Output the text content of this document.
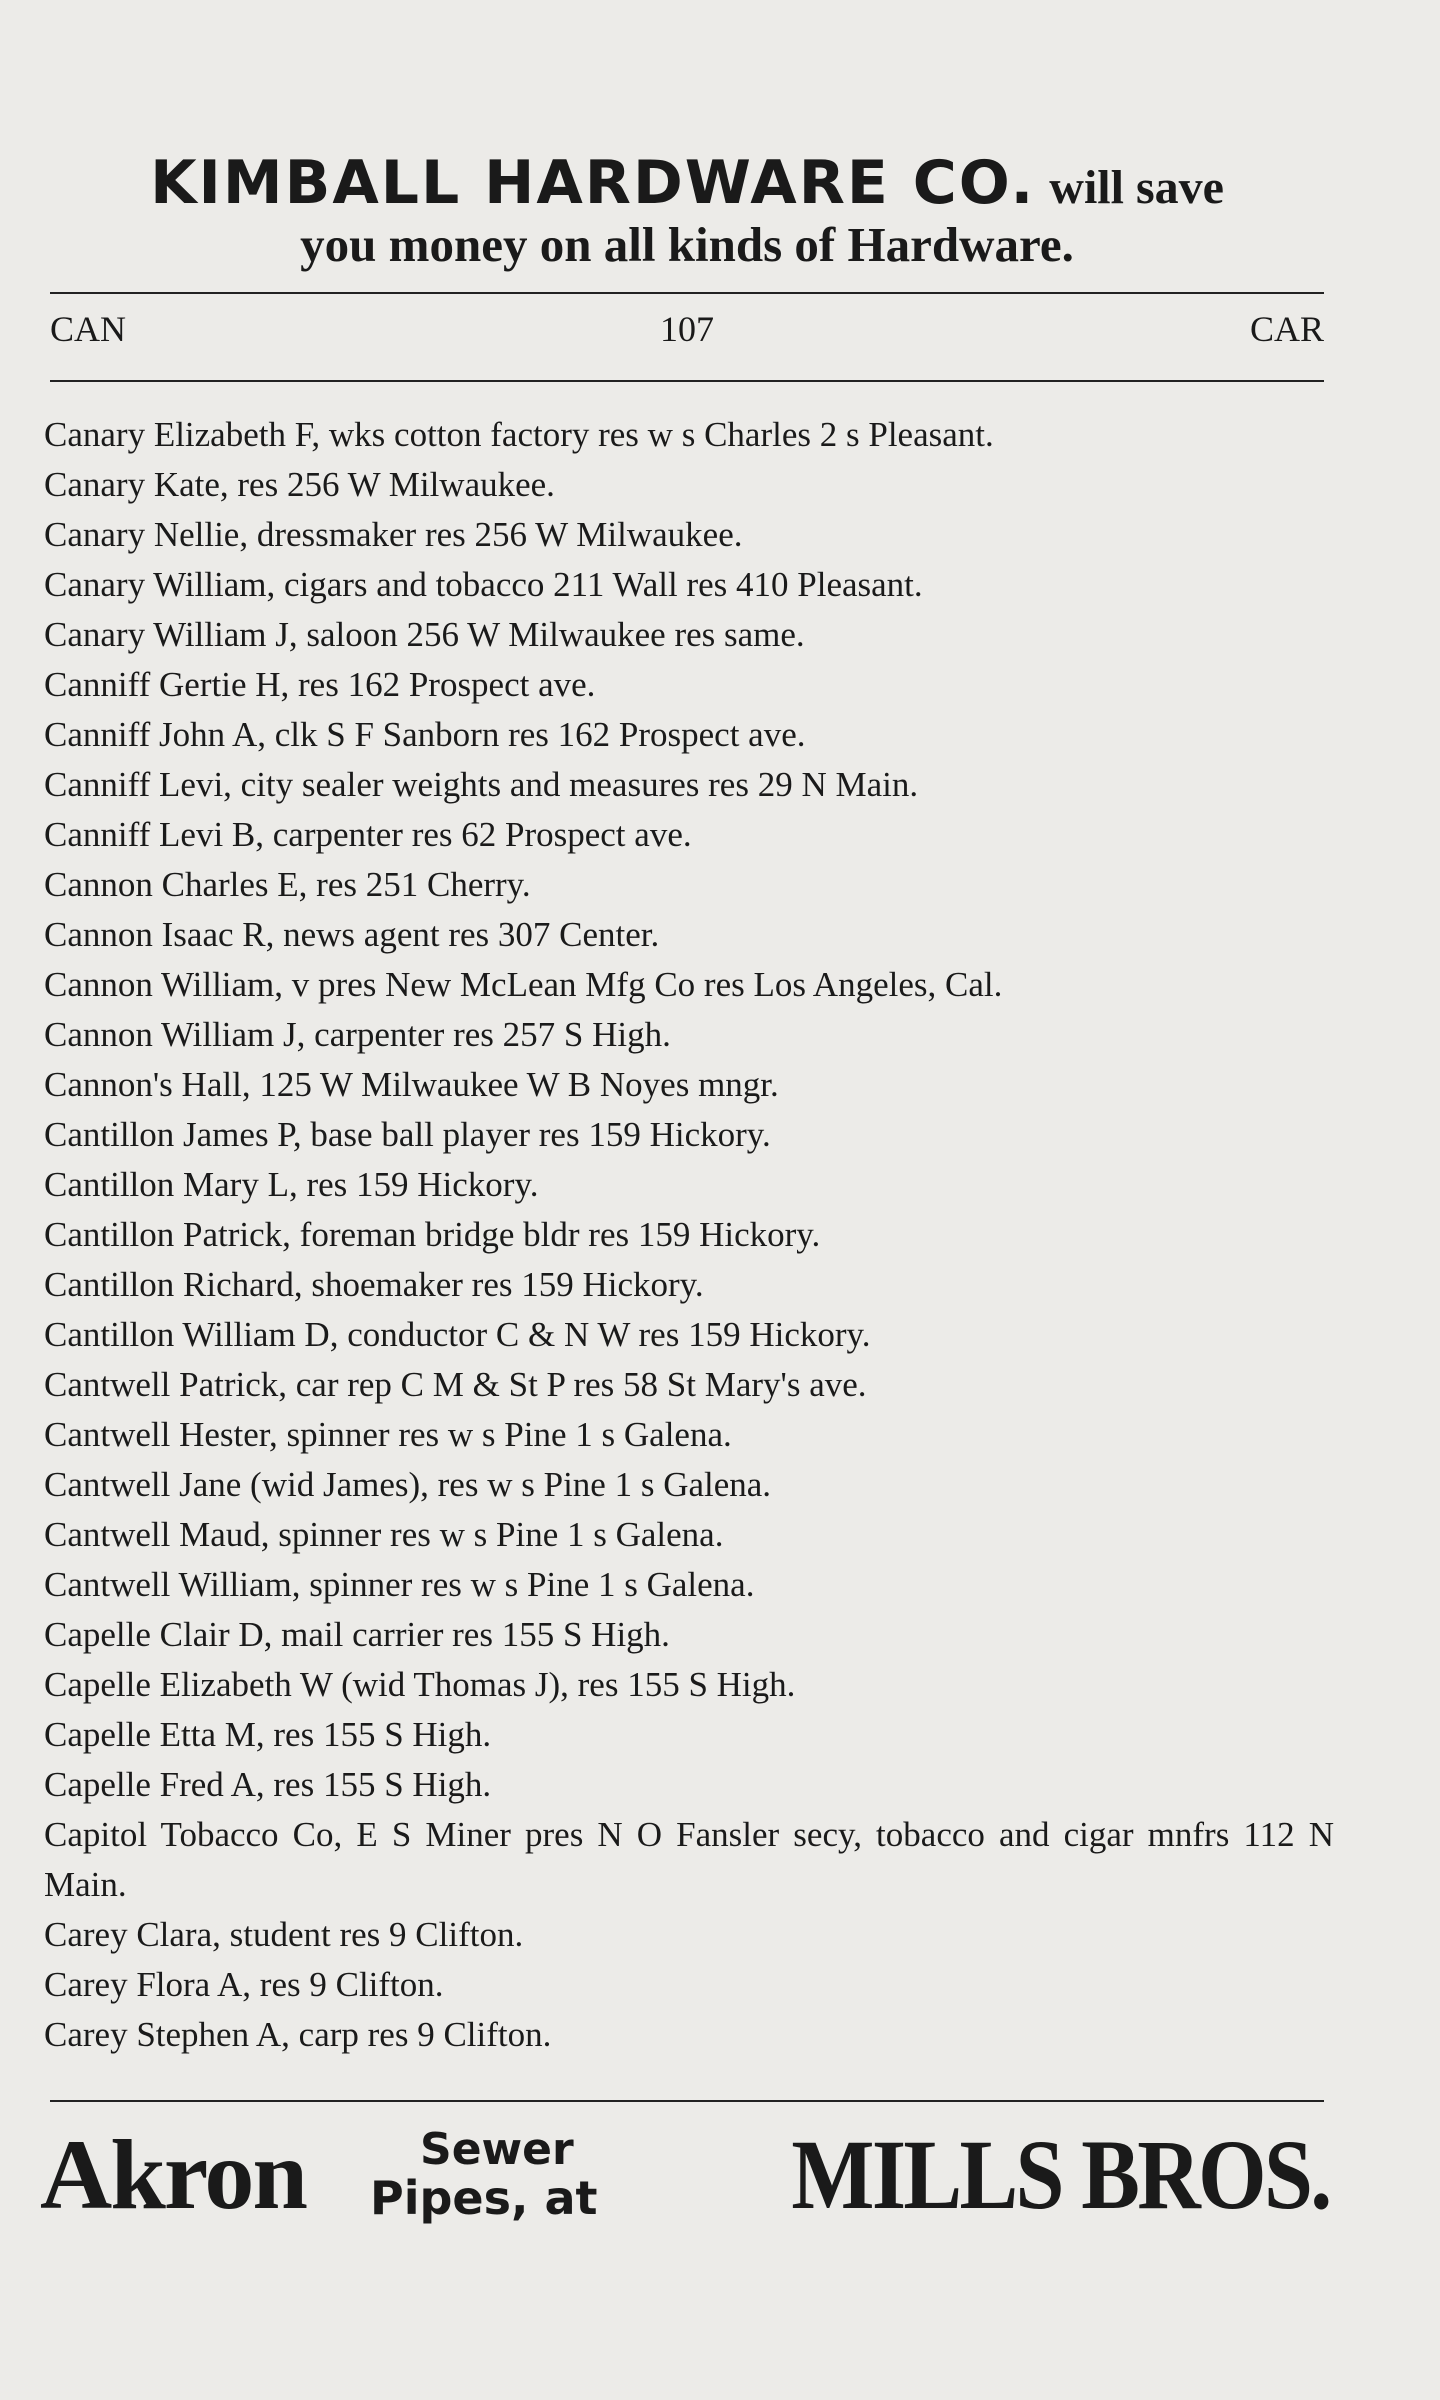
KIMBALL HARDWARE CO. will save
you money on all kinds of Hardware.
CAN	107	CAR
Canary Elizabeth F, wks cotton factory res w s Charles 2 s Pleasant.
Canary Kate, res 256 W Milwaukee.
Canary Nellie, dressmaker res 256 W Milwaukee.
Canary William, cigars and tobacco 211 Wall res 410 Pleasant.
Canary William J, saloon 256 W Milwaukee res same.
Canniff Gertie H, res 162 Prospect ave.
Canniff John A, clk S F Sanborn res 162 Prospect ave.
Canniff Levi, city sealer weights and measures res 29 N Main.
Canniff Levi B, carpenter res 62 Prospect ave.
Cannon Charles E, res 251 Cherry.
Cannon Isaac R, news agent res 307 Center.
Cannon William, v pres New McLean Mfg Co res Los Angeles, Cal.
Cannon William J, carpenter res 257 S High.
Cannon's Hall, 125 W Milwaukee W B Noyes mngr.
Cantillon James P, base ball player res 159 Hickory.
Cantillon Mary L, res 159 Hickory.
Cantillon Patrick, foreman bridge bldr res 159 Hickory.
Cantillon Richard, shoemaker res 159 Hickory.
Cantillon William D, conductor C & N W res 159 Hickory.
Cantwell Patrick, car rep C M & St P res 58 St Mary's ave.
Cantwell Hester, spinner res w s Pine 1 s Galena.
Cantwell Jane (wid James), res w s Pine 1 s Galena.
Cantwell Maud, spinner res w s Pine 1 s Galena.
Cantwell William, spinner res w s Pine 1 s Galena.
Capelle Clair D, mail carrier res 155 S High.
Capelle Elizabeth W (wid Thomas J), res 155 S High.
Capelle Etta M, res 155 S High.
Capelle Fred A, res 155 S High.
Capitol Tobacco Co, E S Miner pres N O Fansler secy, tobacco and cigar mnfrs 112 N Main.
Carey Clara, student res 9 Clifton.
Carey Flora A, res 9 Clifton.
Carey Stephen A, carp res 9 Clifton.
Akron	Sewer
Pipes, at MILLS BROS.
